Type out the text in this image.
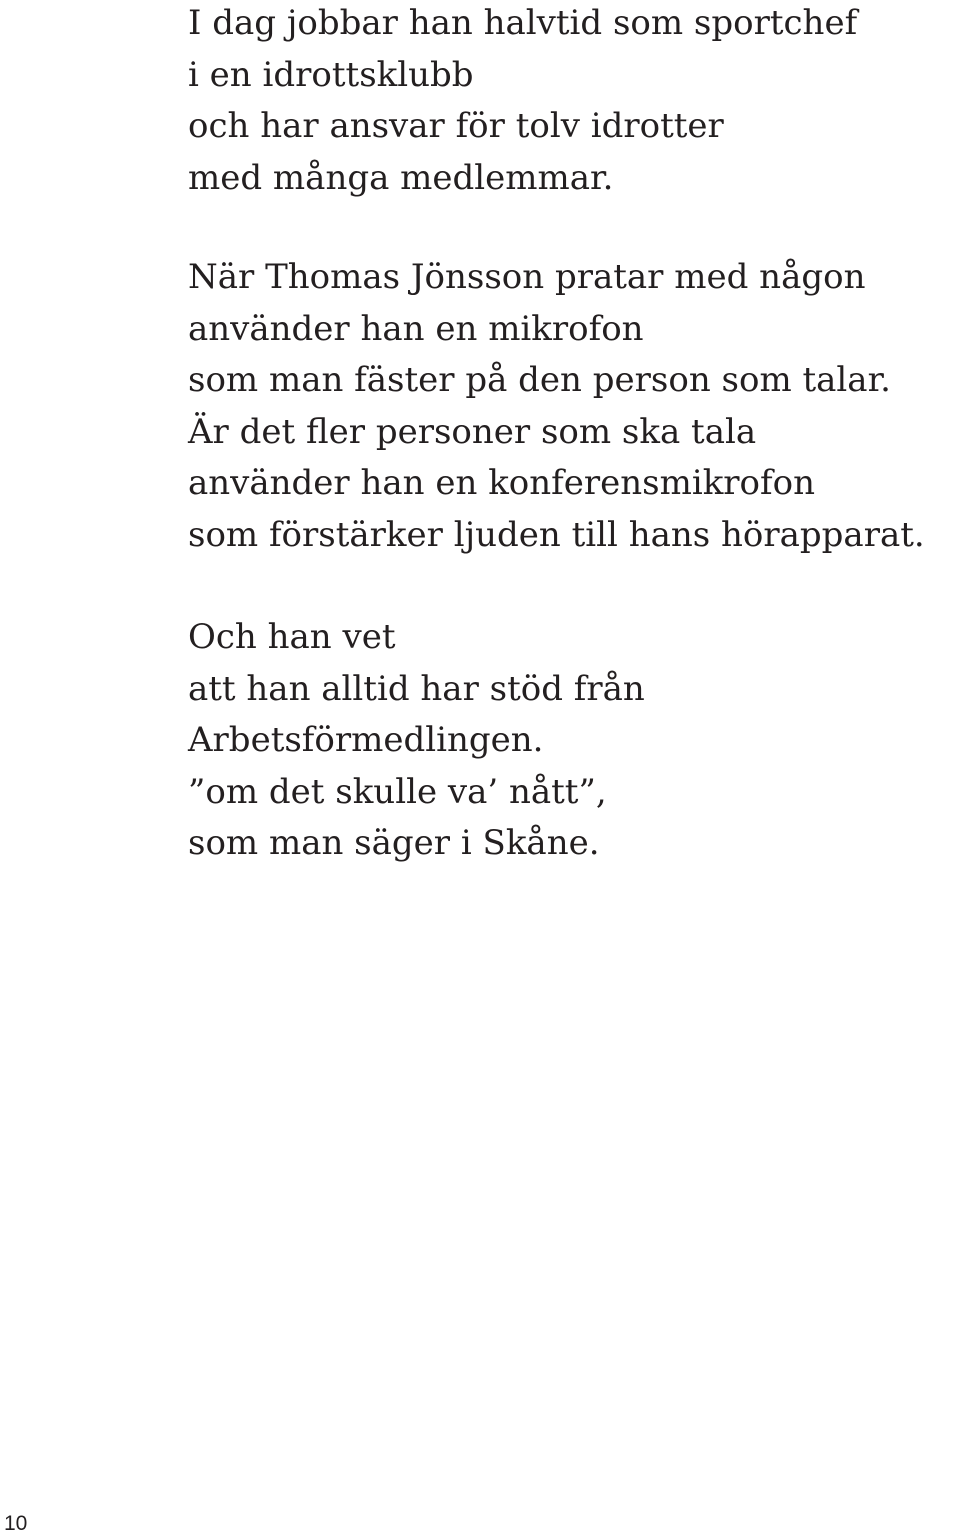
I dag jobbar han halvtid som sportchef
i en idrottsklubb
och har ansvar för tolv idrotter
med många medlemmar.
När Thomas Jönsson pratar med någon
använder han en mikrofon
som man fäster på den person som talar.
Är det fler personer som ska tala
använder han en konferensmikrofon
som förstärker ljuden till hans hörapparat.
Och han vet
att han alltid har stöd från
Arbetsförmedlingen.
”om det skulle va’ nått”,
som man säger i Skåne.
10
